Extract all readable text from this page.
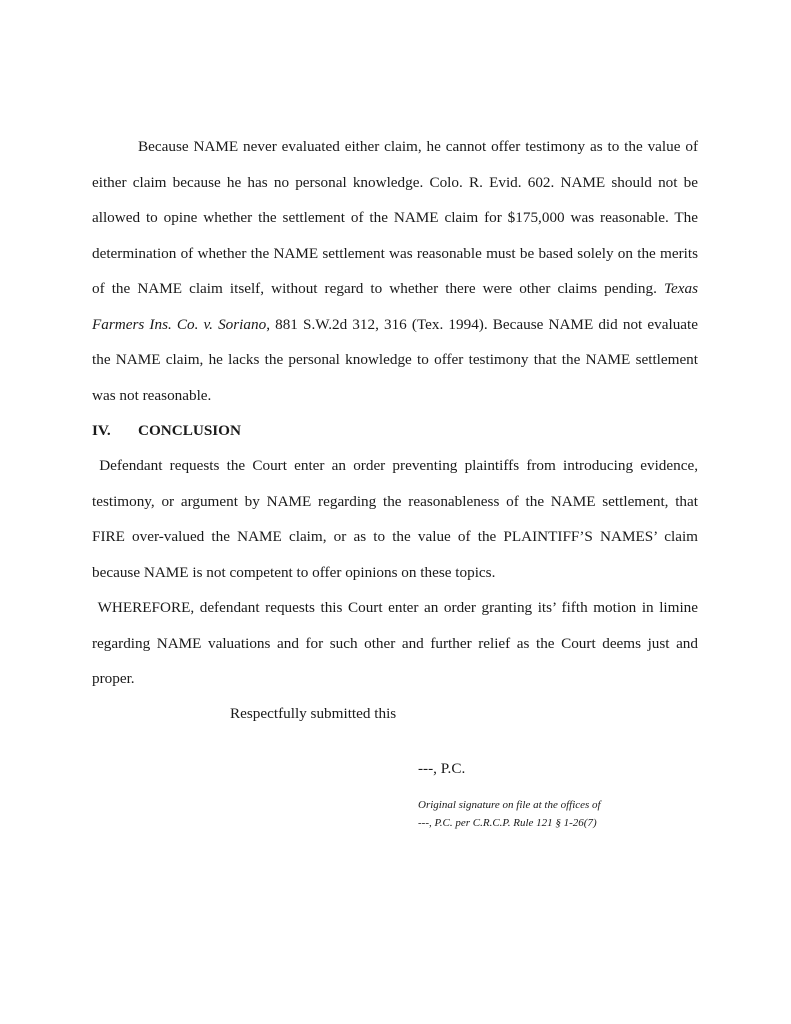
Because NAME never evaluated either claim, he cannot offer testimony as to the value of either claim because he has no personal knowledge. Colo. R. Evid. 602. NAME should not be allowed to opine whether the settlement of the NAME claim for $175,000 was reasonable. The determination of whether the NAME settlement was reasonable must be based solely on the merits of the NAME claim itself, without regard to whether there were other claims pending. Texas Farmers Ins. Co. v. Soriano, 881 S.W.2d 312, 316 (Tex. 1994). Because NAME did not evaluate the NAME claim, he lacks the personal knowledge to offer testimony that the NAME settlement was not reasonable.

IV. CONCLUSION

Defendant requests the Court enter an order preventing plaintiffs from introducing evidence, testimony, or argument by NAME regarding the reasonableness of the NAME settlement, that FIRE over-valued the NAME claim, or as to the value of the PLAINTIFF’S NAMES’ claim because NAME is not competent to offer opinions on these topics.

WHEREFORE, defendant requests this Court enter an order granting its’ fifth motion in limine regarding NAME valuations and for such other and further relief as the Court deems just and proper.

Respectfully submitted this
---, P.C.
Original signature on file at the offices of
---, P.C. per C.R.C.P. Rule 121 § 1-26(7)
